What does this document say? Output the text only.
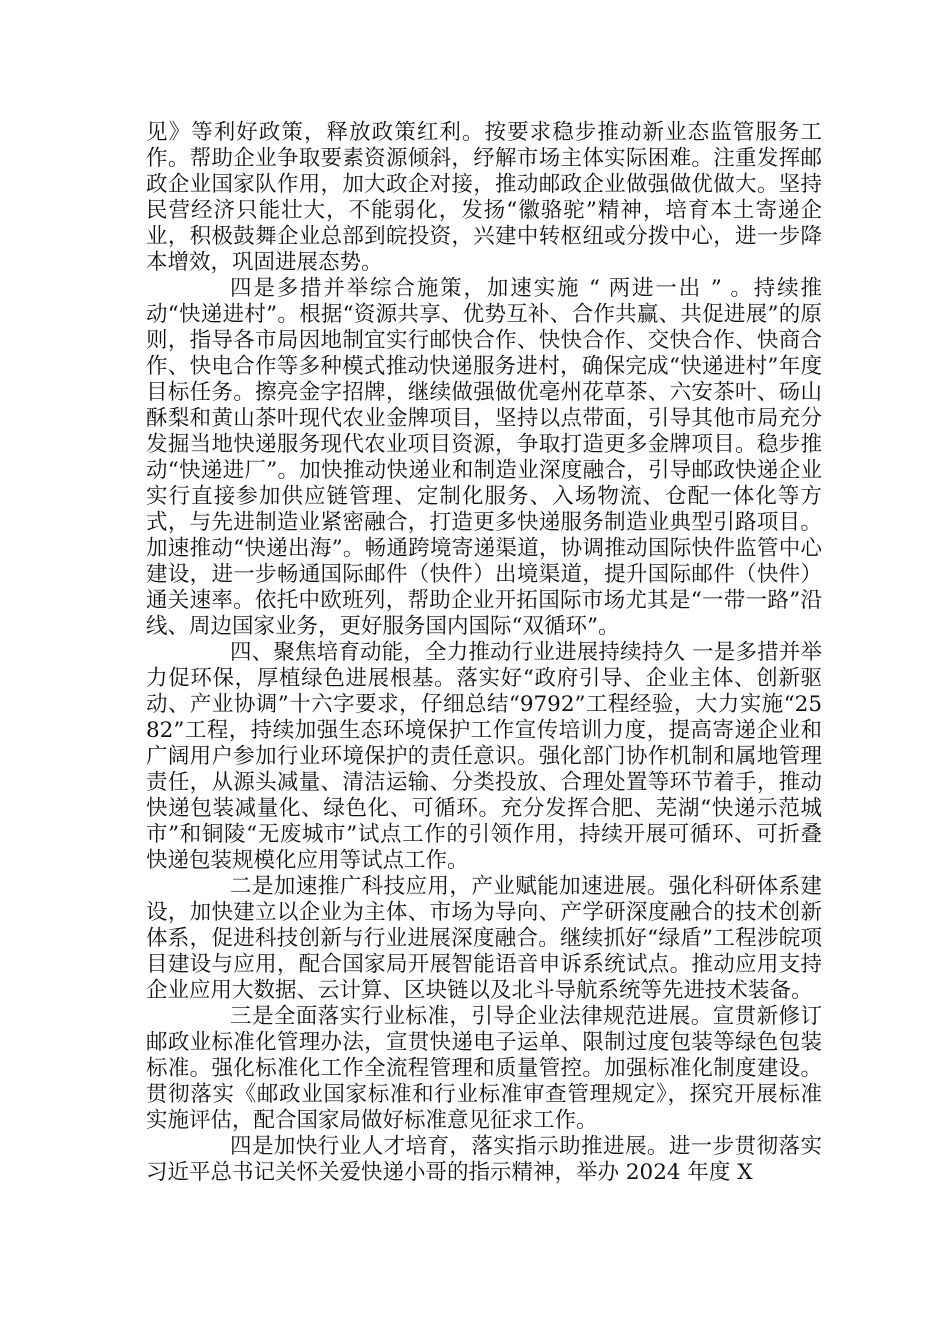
见》等利好政策，释放政策红利。按要求稳步推动新业态监管服务工作。帮助企业争取要素资源倾斜，纾解市场主体实际困难。注重发挥邮政企业国家队作用，加大政企对接，推动邮政企业做强做优做大。坚持民营经济只能壮大，不能弱化，发扬“徽骆驼”精神，培育本土寄递企业，积极鼓舞企业总部到皖投资，兴建中转枢纽或分拨中心，进一步降本增效，巩固进展态势。

四是多措并举综合施策，加速实施 “ 两进一出 ” 。持续推动“快递进村”。根据“资源共享、优势互补、合作共赢、共促进展”的原则，指导各市局因地制宜实行邮快合作、快快合作、交快合作、快商合作、快电合作等多种模式推动快递服务进村，确保完成“快递进村”年度目标任务。擦亮金字招牌，继续做强做优亳州花草茶、六安茶叶、砀山酥梨和黄山茶叶现代农业金牌项目，坚持以点带面，引导其他市局充分发掘当地快递服务现代农业项目资源，争取打造更多金牌项目。稳步推动“快递进厂”。加快推动快递业和制造业深度融合，引导邮政快递企业实行直接参加供应链管理、定制化服务、入场物流、仓配一体化等方式，与先进制造业紧密融合，打造更多快递服务制造业典型引路项目。加速推动“快递出海”。畅通跨境寄递渠道，协调推动国际快件监管中心建设，进一步畅通国际邮件（快件）出境渠道，提升国际邮件（快件）通关速率。依托中欧班列，帮助企业开拓国际市场尤其是“一带一路”沿线、周边国家业务，更好服务国内国际“双循环”。

四、聚焦培育动能，全力推动行业进展持续持久 一是多措并举力促环保，厚植绿色进展根基。落实好“政府引导、企业主体、创新驱动、产业协调”十六字要求，仔细总结“9792”工程经验，大力实施“2582”工程，持续加强生态环境保护工作宣传培训力度，提高寄递企业和广阔用户参加行业环境保护的责任意识。强化部门协作机制和属地管理责任，从源头减量、清洁运输、分类投放、合理处置等环节着手，推动快递包装减量化、绿色化、可循环。充分发挥合肥、芜湖“快递示范城市”和铜陵“无废城市”试点工作的引领作用，持续开展可循环、可折叠快递包装规模化应用等试点工作。

二是加速推广科技应用，产业赋能加速进展。强化科研体系建设，加快建立以企业为主体、市场为导向、产学研深度融合的技术创新体系，促进科技创新与行业进展深度融合。继续抓好“绿盾”工程涉皖项目建设与应用，配合国家局开展智能语音申诉系统试点。推动应用支持企业应用大数据、云计算、区块链以及北斗导航系统等先进技术装备。

三是全面落实行业标准，引导企业法律规范进展。宣贯新修订邮政业标准化管理办法，宣贯快递电子运单、限制过度包装等绿色包装标准。强化标准化工作全流程管理和质量管控。加强标准化制度建设。贯彻落实《邮政业国家标准和行业标准审查管理规定》，探究开展标准实施评估，配合国家局做好标准意见征求工作。

四是加快行业人才培育，落实指示助推进展。进一步贯彻落实习近平总书记关怀关爱快递小哥的指示精神，举办 2024 年度 X
